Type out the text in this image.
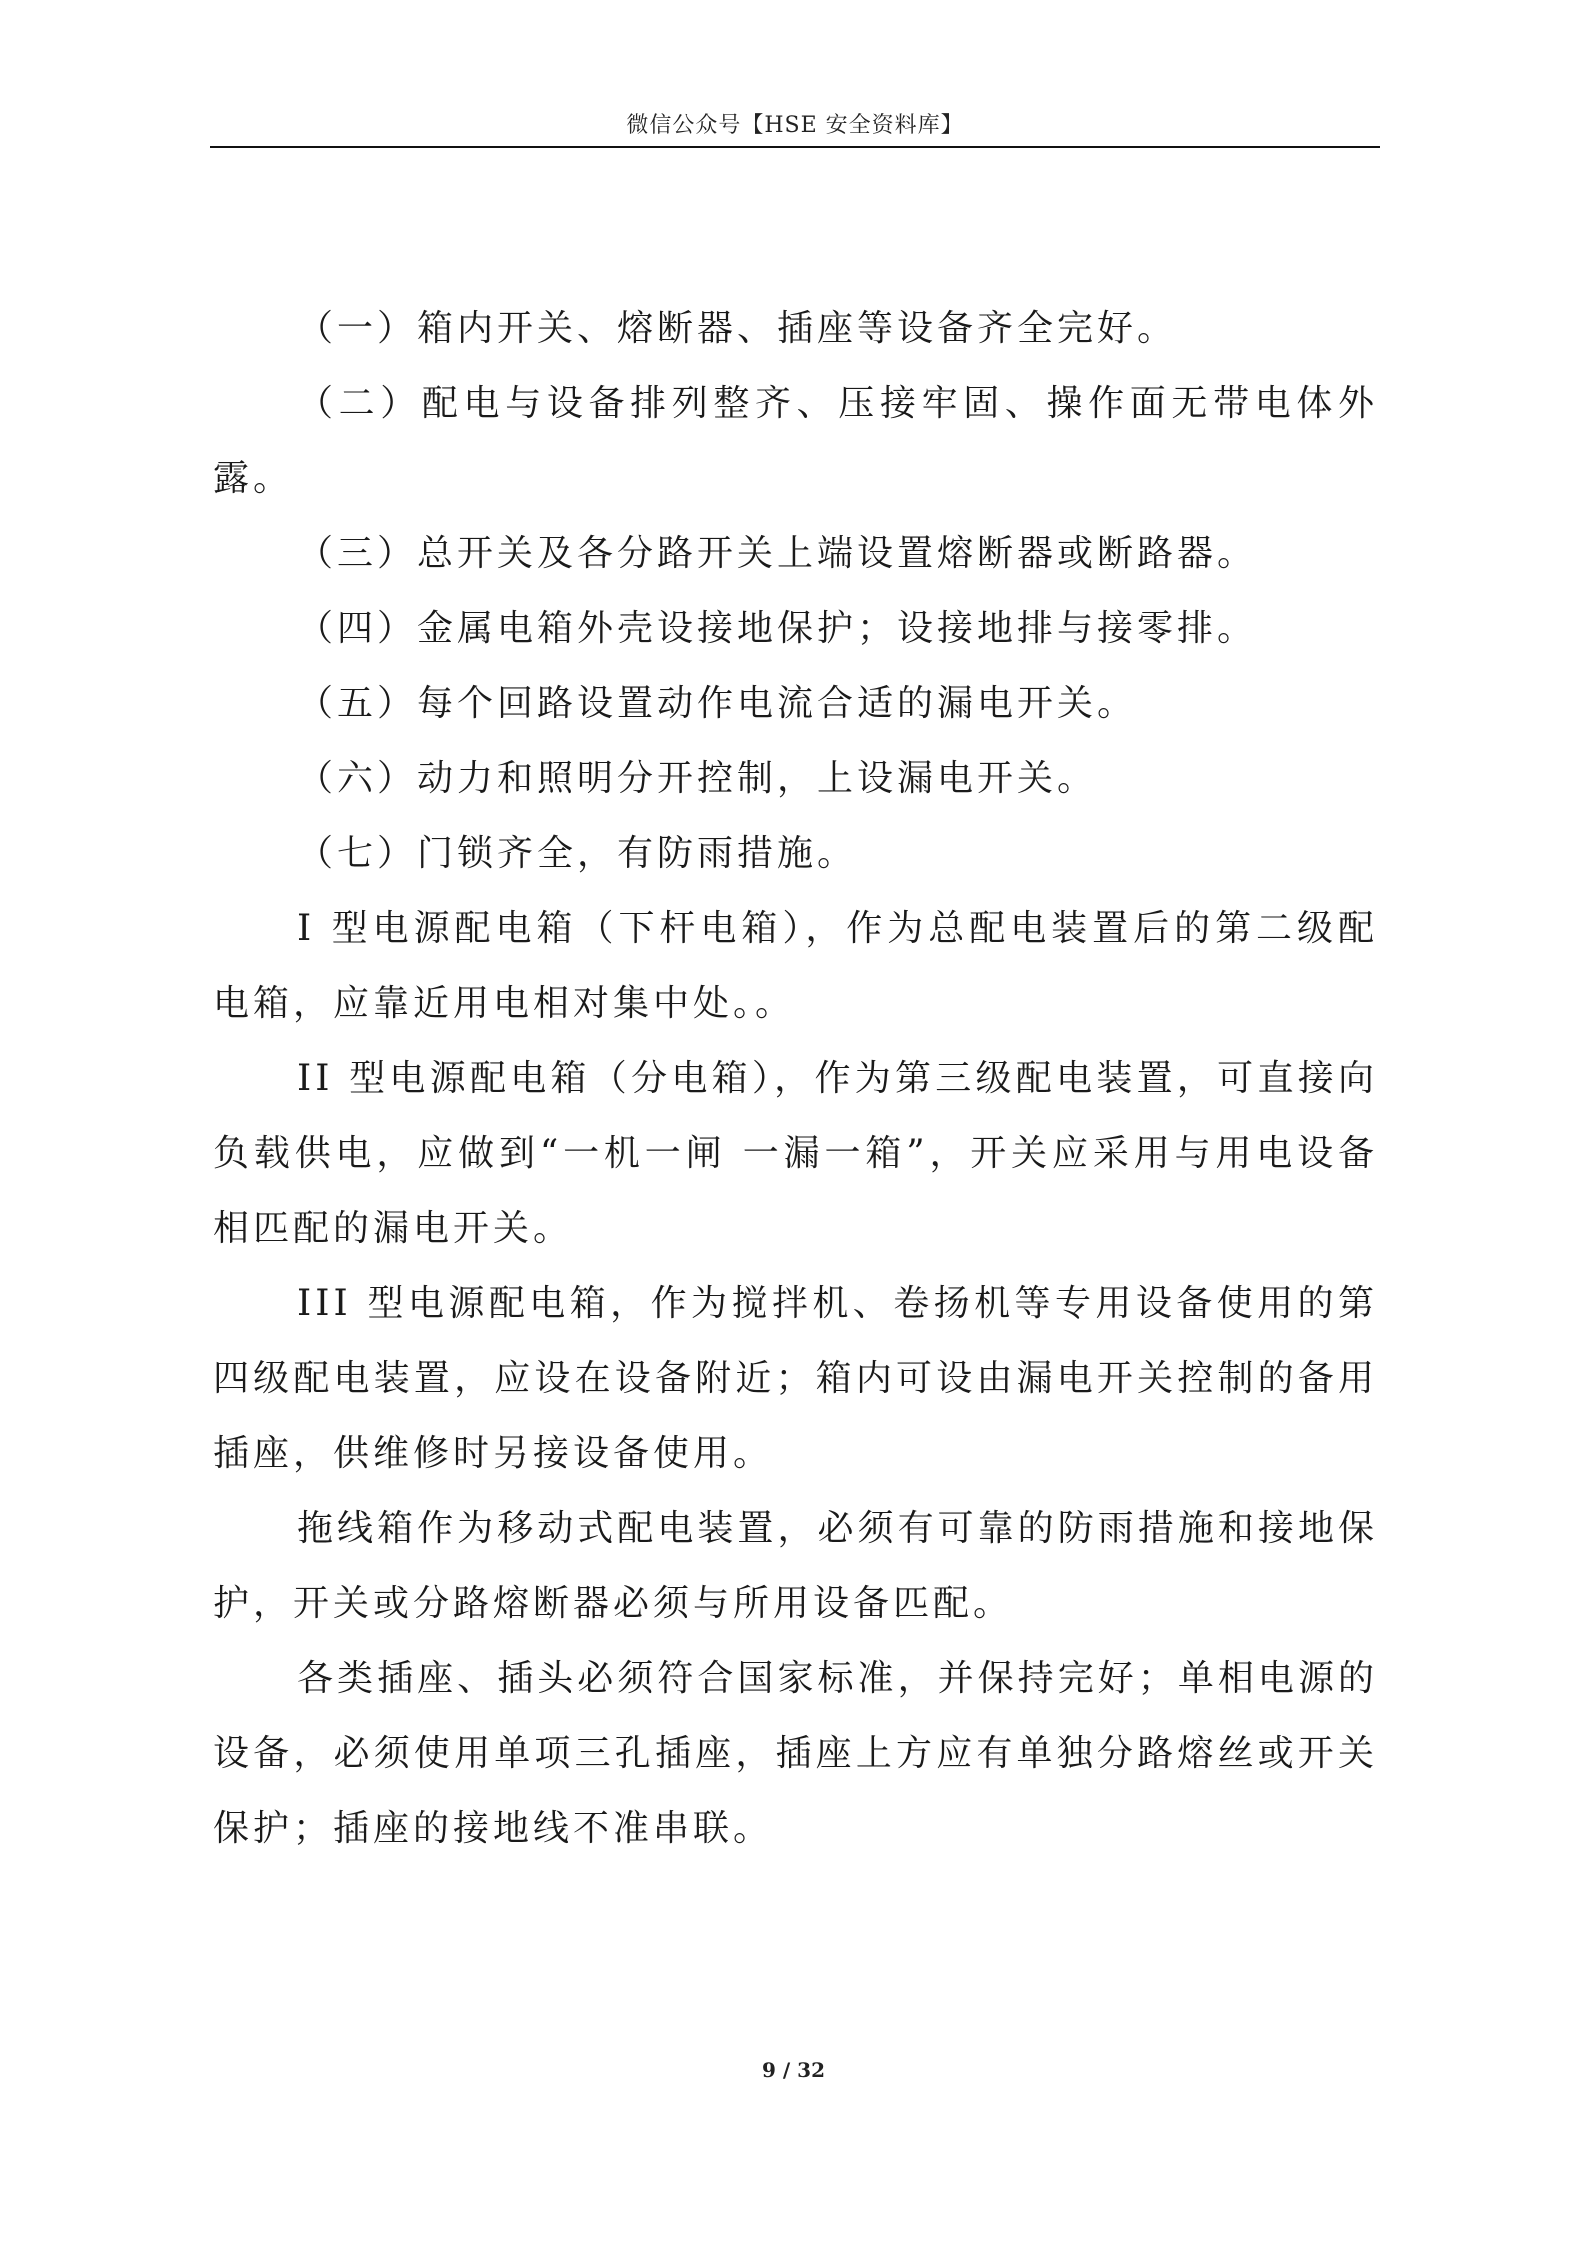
微信公众号【HSE 安全资料库】

（一）箱内开关、熔断器、插座等设备齐全完好。

（二）配电与设备排列整齐、压接牢固、操作面无带电体外露。

（三）总开关及各分路开关上端设置熔断器或断路器。

（四）金属电箱外壳设接地保护；设接地排与接零排。

（五）每个回路设置动作电流合适的漏电开关。

（六）动力和照明分开控制，上设漏电开关。

（七）门锁齐全，有防雨措施。

I 型电源配电箱（下杆电箱），作为总配电装置后的第二级配电箱，应靠近用电相对集中处。。

II 型电源配电箱（分电箱），作为第三级配电装置，可直接向负载供电，应做到“一机一闸 一漏一箱”，开关应采用与用电设备相匹配的漏电开关。

III 型电源配电箱，作为搅拌机、卷扬机等专用设备使用的第四级配电装置，应设在设备附近；箱内可设由漏电开关控制的备用插座，供维修时另接设备使用。

拖线箱作为移动式配电装置，必须有可靠的防雨措施和接地保护，开关或分路熔断器必须与所用设备匹配。

各类插座、插头必须符合国家标准，并保持完好；单相电源的设备，必须使用单项三孔插座，插座上方应有单独分路熔丝或开关保护；插座的接地线不准串联。

9 / 32
